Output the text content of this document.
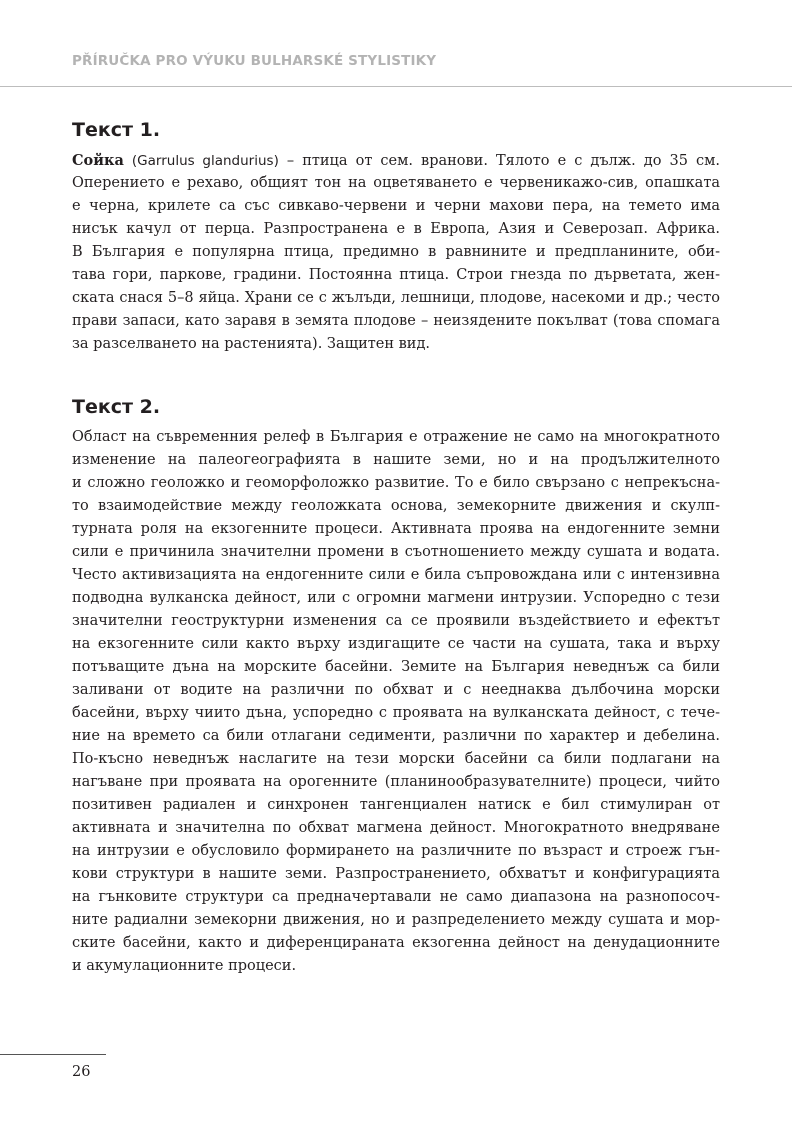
PŘÍRUČKA PRO VÝUKU BULHARSKÉ STYLISTIKY
Текст 1.
Сойка (Garrulus glandurius) – птица от сем. вранови. Тялото е с дълж. до 35 см.
Оперението е рехаво, общият тон на оцветяването е червеникажо-сив, опашката
е черна, крилете са със сивкаво-червени и черни махови пера, на темето има
нисък качул от перца. Разпространена е в Европа, Азия и Северозап. Африка.
В България е популярна птица, предимно в равнините и предпланините, оби-
тава гори, паркове, градини. Постоянна птица. Строи гнезда по дърветата, жен-
ската снася 5–8 яйца. Храни се с жълъди, лешници, плодове, насекоми и др.; често
прави запаси, като заравя в земята плодове – неизядените покълват (това спомага
за разселването на растенията). Защитен вид.
Текст 2.
Област на съвременния релеф в България е отражение не само на многократното
изменение на палеогеографията в нашите земи, но и на продължителното
и сложно геоложко и геоморфоложко развитие. То е било свързано с непрекъсна-
то взаимодействие между геоложката основа, земекорните движения и скулп-
турната роля на екзогенните процеси. Активната проява на ендогенните земни
сили е причинила значителни промени в съотношението между сушата и водата.
Често активизацията на ендогенните сили е била съпровождана или с интензивна
подводна вулканска дейност, или с огромни магмени интрузии. Успоредно с тези
значителни геоструктурни изменения са се проявили въздействието и ефектът
на екзогенните сили както върху издигащите се части на сушата, така и върху
потъващите дъна на морските басейни. Земите на България неведнъж са били
заливани от водите на различни по обхват и с нееднаква дълбочина морски
басейни, върху чиито дъна, успоредно с проявата на вулканската дейност, с тече-
ние на времето са били отлагани седименти, различни по характер и дебелина.
По-късно неведнъж наслагите на тези морски басейни са били подлагани на
нагъване при проявата на орогенните (планинообразувателните) процеси, чийто
позитивен радиален и синхронен тангенциален натиск е бил стимулиран от
активната и значителна по обхват магмена дейност. Многократното внедряване
на интрузии е обусловило формирането на различните по възраст и строеж гън-
кови структури в нашите земи. Разпространението, обхватът и конфигурацията
на гънковите структури са предначертавали не само диапазона на разнопосоч-
ните радиални земекорни движения, но и разпределението между сушата и мор-
ските басейни, както и диференцираната екзогенна дейност на денудационните
и акумулационните процеси.
26
